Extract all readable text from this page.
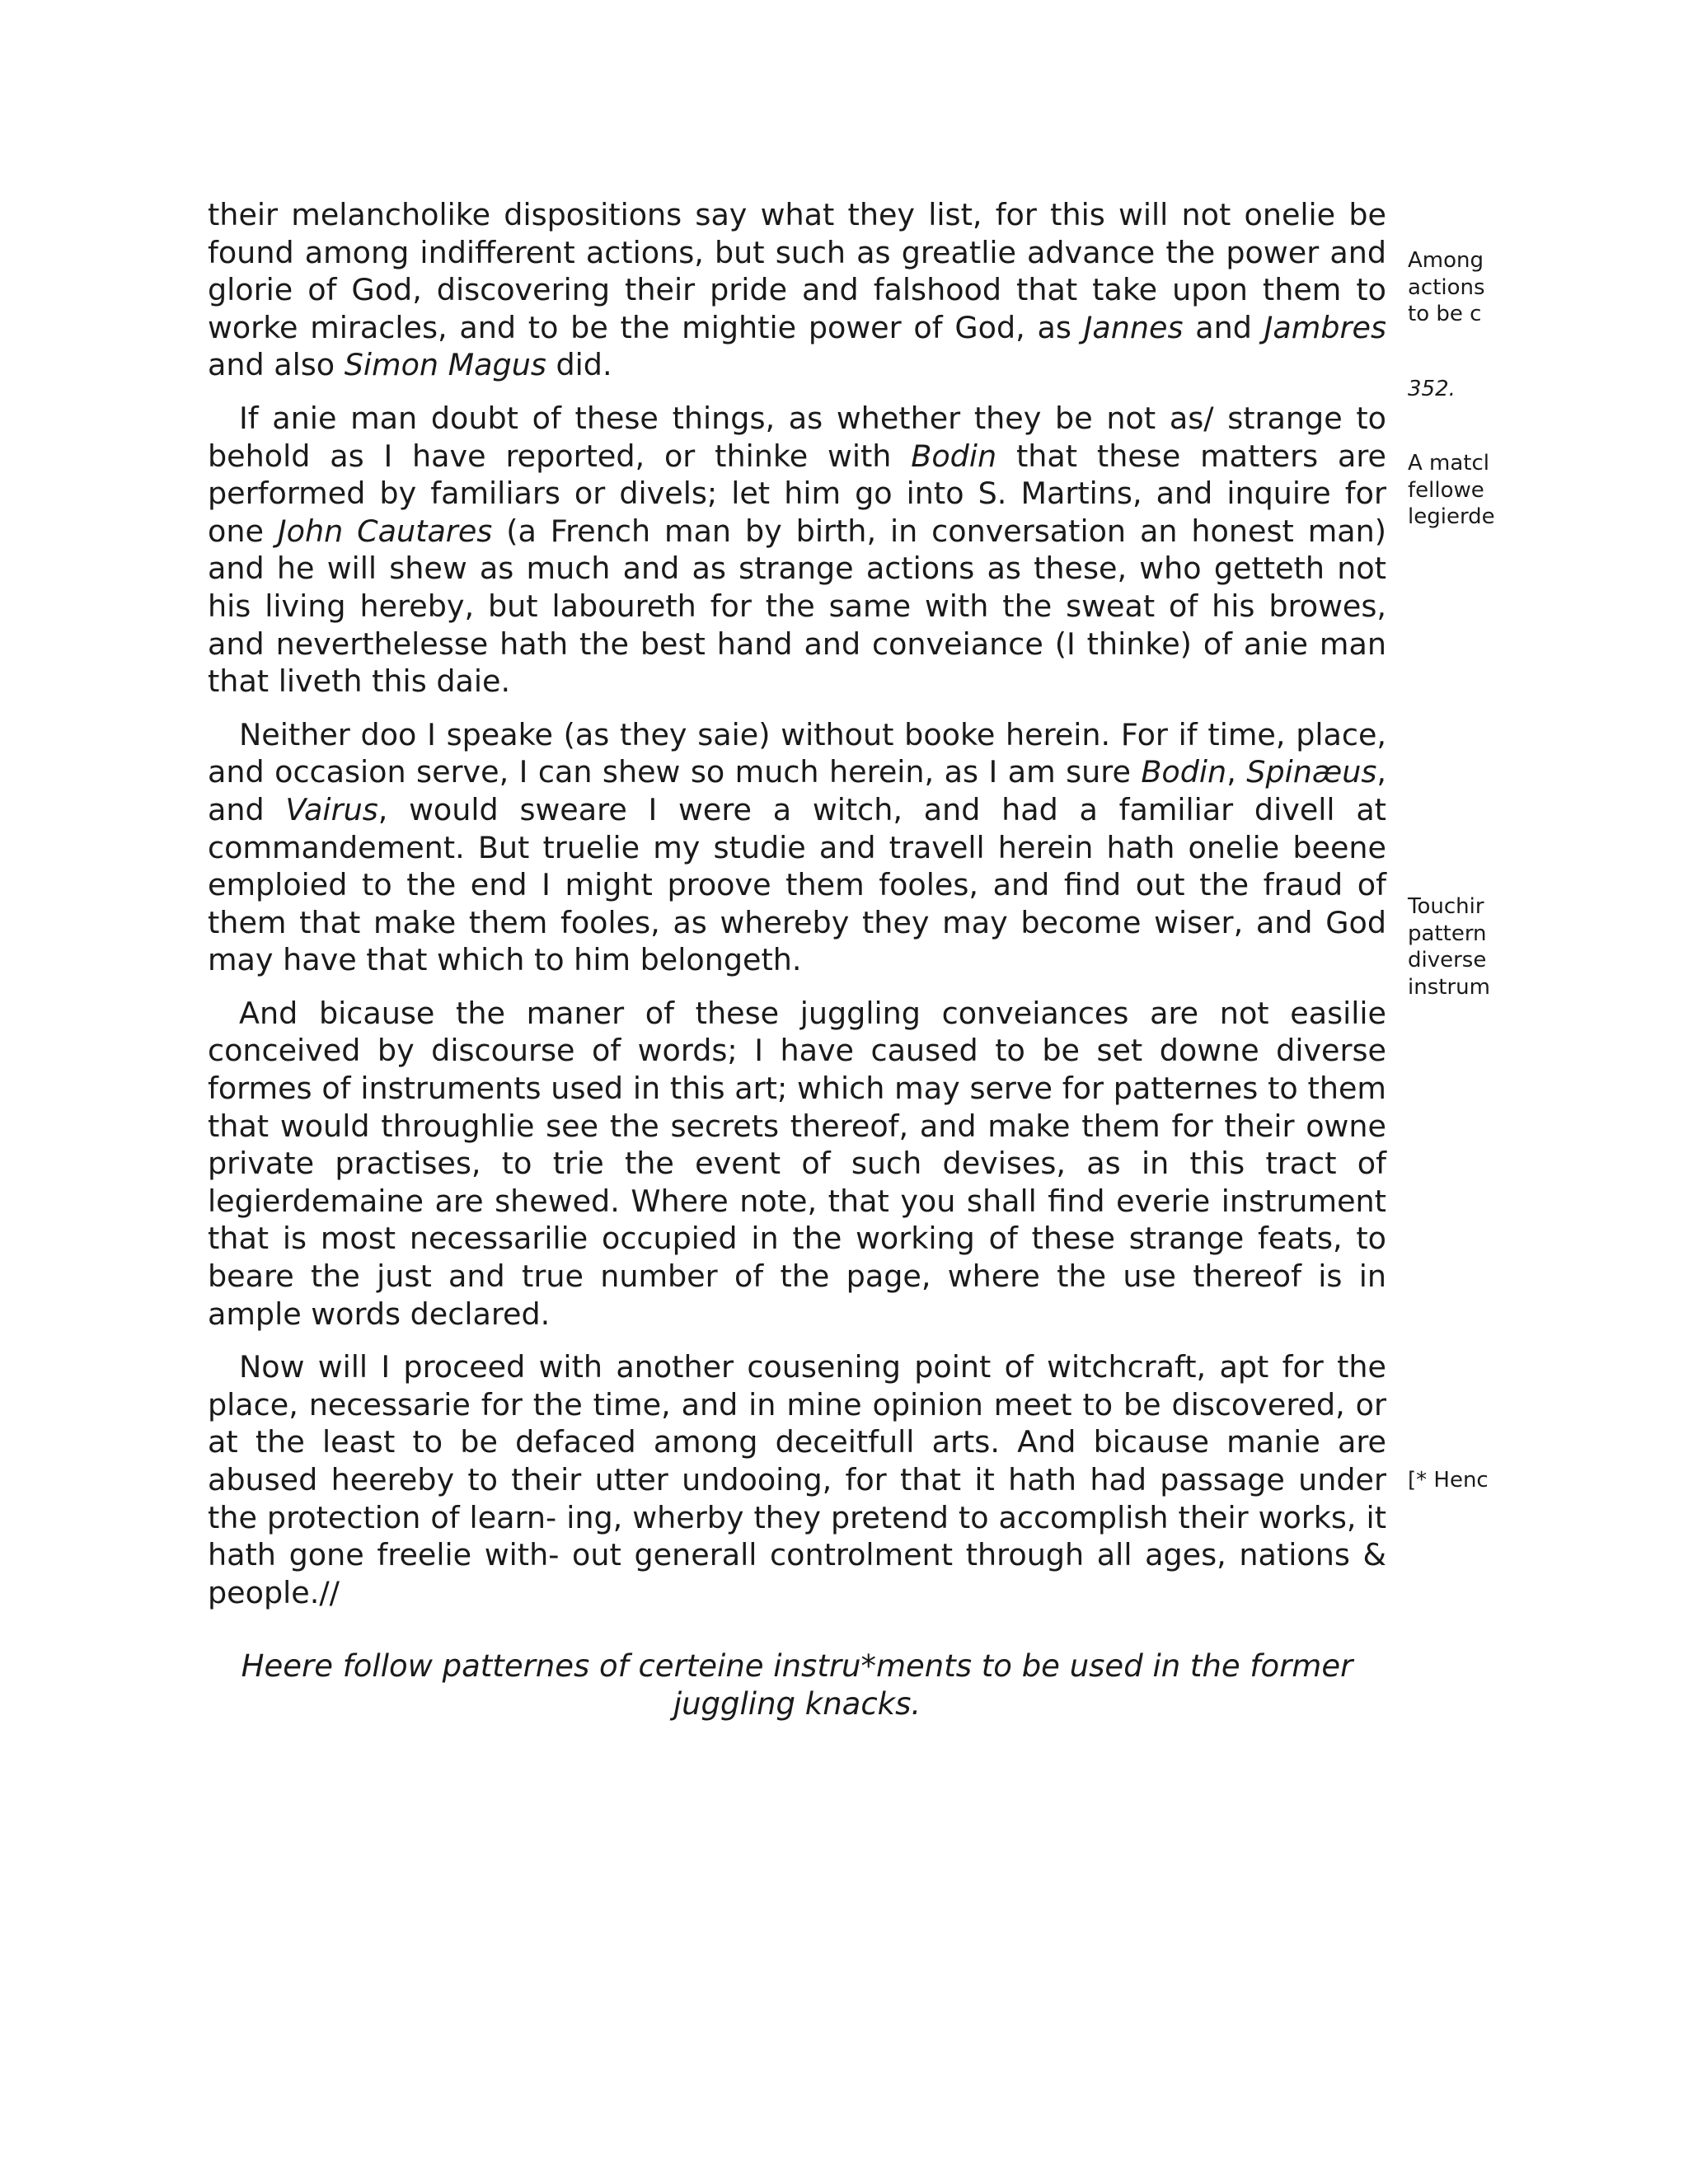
their melancholike dispositions say what they list, for this will not onelie be found among indifferent actions, but such as greatlie advance the power and glorie of God, discovering their pride and falshood that take upon them to worke miracles, and to be the mightie power of God, as Jannes and Jambres and also Simon Magus did.

If anie man doubt of these things, as whether they be not as/ strange to behold as I have reported, or thinke with Bodin that these matters are performed by familiars or divels; let him go into S. Martins, and inquire for one John Cautares (a French man by birth, in conversation an honest man) and he will shew as much and as strange actions as these, who getteth not his living hereby, but laboureth for the same with the sweat of his browes, and neverthelesse hath the best hand and conveiance (I thinke) of anie man that liveth this daie.

Neither doo I speake (as they saie) without booke herein. For if time, place, and occasion serve, I can shew so much herein, as I am sure Bodin, Spinæus, and Vairus, would sweare I were a witch, and had a familiar divell at commandement. But truelie my studie and travell herein hath onelie beene emploied to the end I might proove them fooles, and find out the fraud of them that make them fooles, as whereby they may become wiser, and God may have that which to him belongeth.

And bicause the maner of these juggling conveiances are not easilie conceived by discourse of words; I have caused to be set downe diverse formes of instruments used in this art; which may serve for patternes to them that would throughlie see the secrets thereof, and make them for their owne private practises, to trie the event of such devises, as in this tract of legierdemaine are shewed. Where note, that you shall find everie instrument that is most necessarilie occupied in the working of these strange feats, to beare the just and true number of the page, where the use thereof is in ample words declared.

Now will I proceed with another cousening point of witchcraft, apt for the place, necessarie for the time, and in mine opinion meet to be discovered, or at the least to be defaced among deceitfull arts. And bicause manie are abused heereby to their utter undooing, for that it hath had passage under the protection of learn- ing, wherby they pretend to accomplish their works, it hath gone freelie with- out generall controlment through all ages, nations & people.//

Heere follow patternes of certeine instru*ments to be used in the former juggling knacks.
Among
actions
to be c
352.
A matcl
fellowe
legierde
Touchir
pattern
diverse
instrum
[* Henc
